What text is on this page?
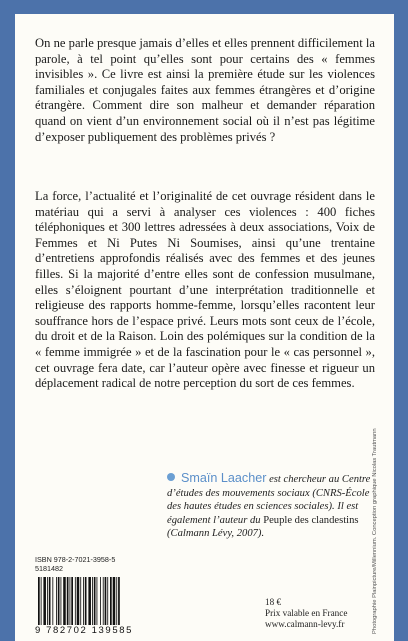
On ne parle presque jamais d’elles et elles prennent difficilement la parole, à tel point qu’elles sont pour certains des « femmes invisibles ». Ce livre est ainsi la première étude sur les violences familiales et conjugales faites aux femmes étrangères et d’origine étrangère. Comment dire son malheur et demander réparation quand on vient d’un environnement social où il n’est pas légitime d’exposer publiquement des problèmes privés ?

La force, l’actualité et l’originalité de cet ouvrage résident dans le matériau qui a servi à analyser ces violences : 400 fiches téléphoniques et 300 lettres adressées à deux associations, Voix de Femmes et Ni Putes Ni Soumises, ainsi qu’une trentaine d’entretiens approfondis réalisés avec des femmes et des jeunes filles. Si la majorité d’entre elles sont de confession musulmane, elles s’éloignent pourtant d’une interprétation traditionnelle et religieuse des rapports homme-femme, lorsqu’elles racontent leur souffrance hors de l’espace privé. Leurs mots sont ceux de l’école, du droit et de la Raison. Loin des polémiques sur la condition de la « femme immigrée » et de la fascination pour le « cas personnel », cet ouvrage fera date, car l’auteur opère avec finesse et rigueur un déplacement radical de notre perception du sort de ces femmes.

Smaïn Laacher est chercheur au Centre d’études des mouvements sociaux (CNRS-École des hautes études en sciences sociales). Il est également l’auteur du Peuple des clandestins (Calmann Lévy, 2007).

ISBN 978-2-7021-3958-5

5181482

9 782702 139585
18 €
Prix valable en France
www.calmann-levy.fr	Photographie Plainpicture/Millennium. Conception graphique Nicolas Trautmann
